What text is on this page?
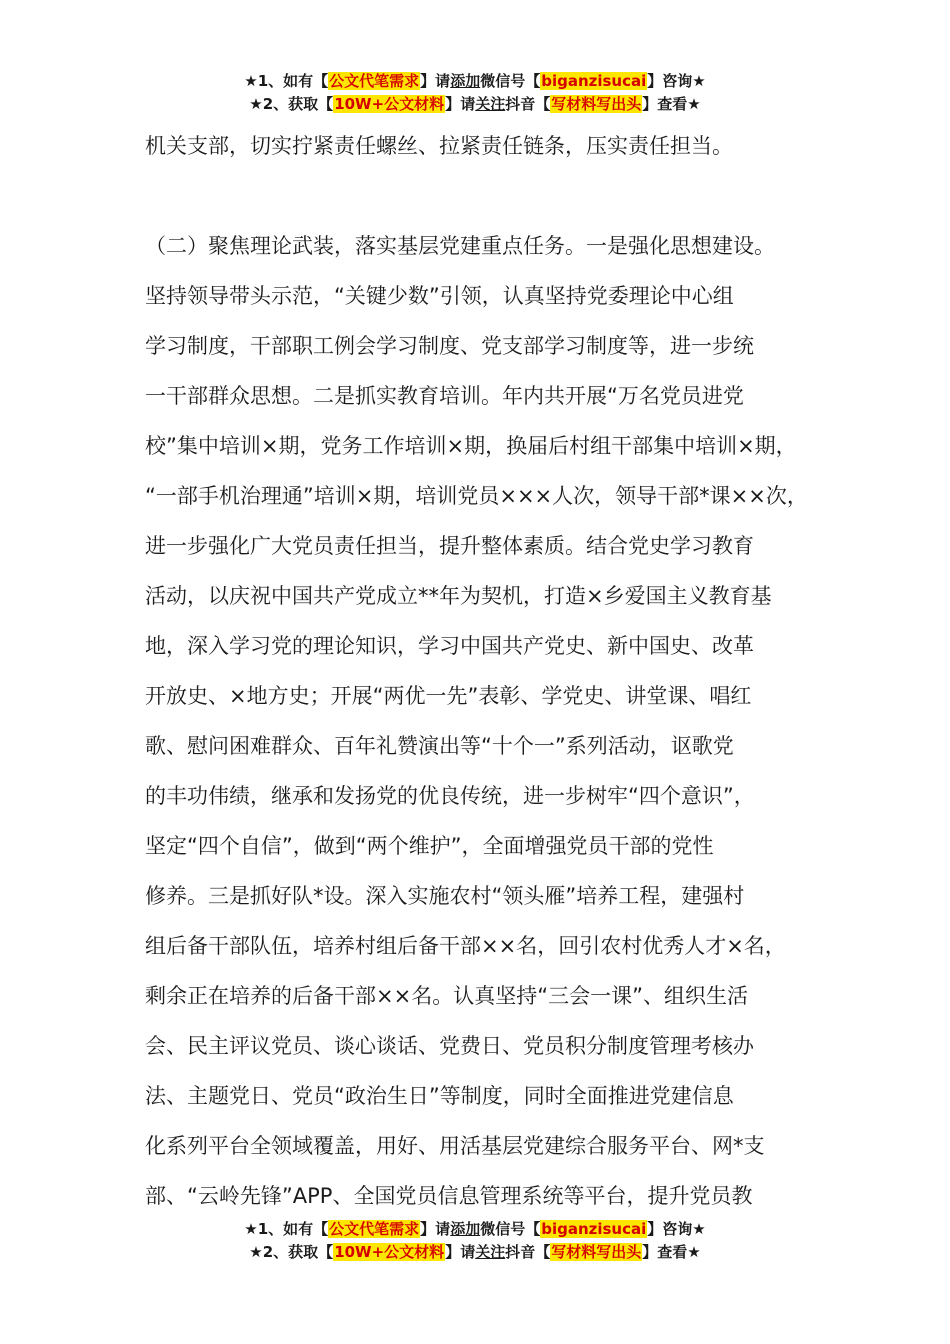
★1、如有【公文代笔需求】请添加微信号【biganzisucai】咨询★
★2、获取【10W+公文材料】请关注抖音【写材料写出头】查看★

机关支部，切实拧紧责任螺丝、拉紧责任链条，压实责任担当。

（二）聚焦理论武装，落实基层党建重点任务。一是强化思想建设。

坚持领导带头示范，“关键少数”引领，认真坚持党委理论中心组

学习制度，干部职工例会学习制度、党支部学习制度等，进一步统

一干部群众思想。二是抓实教育培训。年内共开展“万名党员进党

校”集中培训×期，党务工作培训×期，换届后村组干部集中培训×期，

“一部手机治理通”培训×期，培训党员×××人次，领导干部*课××次，

进一步强化广大党员责任担当，提升整体素质。结合党史学习教育

活动，以庆祝中国共产党成立**年为契机，打造×乡爱国主义教育基

地，深入学习党的理论知识，学习中国共产党史、新中国史、改革

开放史、×地方史；开展“两优一先”表彰、学党史、讲堂课、唱红

歌、慰问困难群众、百年礼赞演出等“十个一”系列活动，讴歌党

的丰功伟绩，继承和发扬党的优良传统，进一步树牢“四个意识”，

坚定“四个自信”，做到“两个维护”，全面增强党员干部的党性

修养。三是抓好队*设。深入实施农村“领头雁”培养工程，建强村

组后备干部队伍，培养村组后备干部××名，回引农村优秀人才×名，

剩余正在培养的后备干部××名。认真坚持“三会一课”、组织生活

会、民主评议党员、谈心谈话、党费日、党员积分制度管理考核办

法、主题党日、党员“政治生日”等制度，同时全面推进党建信息

化系列平台全领域覆盖，用好、用活基层党建综合服务平台、网*支

部、“云岭先锋”APP、全国党员信息管理系统等平台，提升党员教

★1、如有【公文代笔需求】请添加微信号【biganzisucai】咨询★
★2、获取【10W+公文材料】请关注抖音【写材料写出头】查看★
